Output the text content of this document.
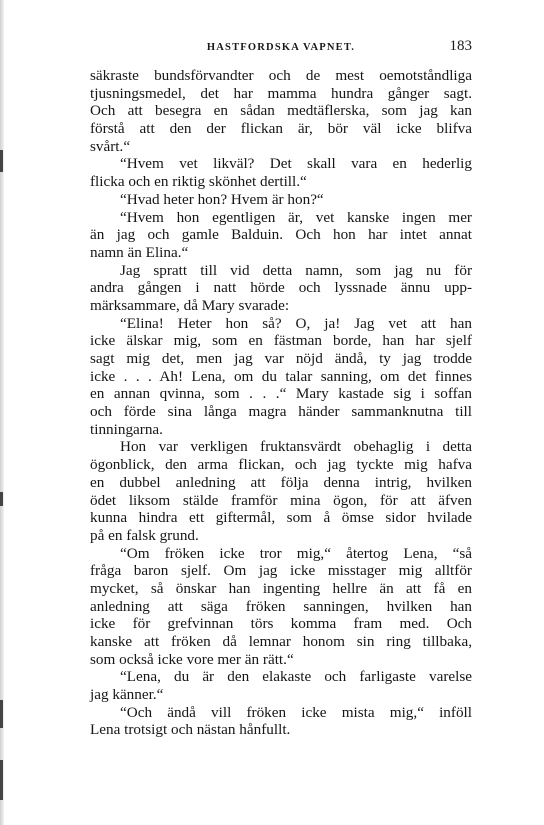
HASTFORDSKA VAPNET.	183
säkraste bundsförvandter och de mest oemotståndliga
tjusningsmedel, det har mamma hundra gånger sagt.
Och att besegra en sådan medtäflerska, som jag kan
förstå att den der flickan är, bör väl icke blifva
svårt.“
“Hvem vet likväl? Det skall vara en hederlig
flicka och en riktig skönhet dertill.“
“Hvad heter hon? Hvem är hon?“
“Hvem hon egentligen är, vet kanske ingen mer
än jag och gamle Balduin. Och hon har intet annat
namn än Elina.“
Jag spratt till vid detta namn, som jag nu för
andra gången i natt hörde och lyssnade ännu upp-
märksammare, då Mary svarade:
“Elina! Heter hon så? O, ja! Jag vet att han
icke älskar mig, som en fästman borde, han har sjelf
sagt mig det, men jag var nöjd ändå, ty jag trodde
icke . . . Ah! Lena, om du talar sanning, om det finnes
en annan qvinna, som . . .“ Mary kastade sig i soffan
och förde sina långa magra händer sammanknutna till
tinningarna.
Hon var verkligen fruktansvärdt obehaglig i detta
ögonblick, den arma flickan, och jag tyckte mig hafva
en dubbel anledning att följa denna intrig, hvilken
ödet liksom stälde framför mina ögon, för att äfven
kunna hindra ett giftermål, som å ömse sidor hvilade
på en falsk grund.
“Om fröken icke tror mig,“ återtog Lena, “så
fråga baron sjelf. Om jag icke misstager mig alltför
mycket, så önskar han ingenting hellre än att få en
anledning att säga fröken sanningen, hvilken han
icke för grefvinnan törs komma fram med. Och
kanske att fröken då lemnar honom sin ring tillbaka,
som också icke vore mer än rätt.“
“Lena, du är den elakaste och farligaste varelse
jag känner.“
“Och ändå vill fröken icke mista mig,“ inföll
Lena trotsigt och nästan hånfullt.
